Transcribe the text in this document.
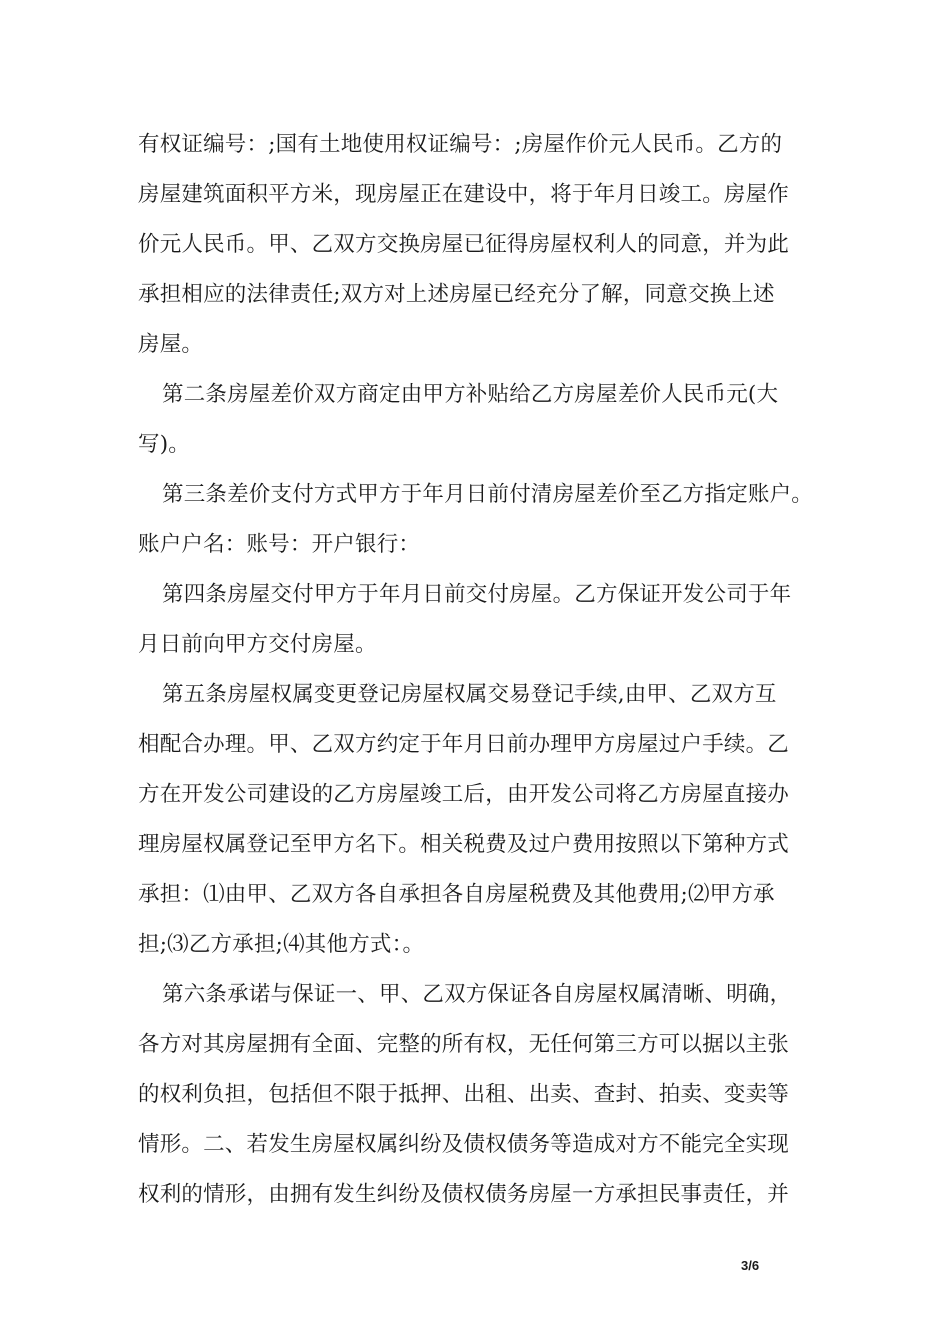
有权证编号：;国有土地使用权证编号：;房屋作价元人民币。乙方的
房屋建筑面积平方米，现房屋正在建设中，将于年月日竣工。房屋作
价元人民币。甲、乙双方交换房屋已征得房屋权利人的同意，并为此
承担相应的法律责任;双方对上述房屋已经充分了解，同意交换上述
房屋。
第二条房屋差价双方商定由甲方补贴给乙方房屋差价人民币元(大
写)。
第三条差价支付方式甲方于年月日前付清房屋差价至乙方指定账户。
账户户名：账号：开户银行：
第四条房屋交付甲方于年月日前交付房屋。乙方保证开发公司于年
月日前向甲方交付房屋。
第五条房屋权属变更登记房屋权属交易登记手续,由甲、乙双方互
相配合办理。甲、乙双方约定于年月日前办理甲方房屋过户手续。乙
方在开发公司建设的乙方房屋竣工后，由开发公司将乙方房屋直接办
理房屋权属登记至甲方名下。相关税费及过户费用按照以下第种方式
承担：⑴由甲、乙双方各自承担各自房屋税费及其他费用;⑵甲方承
担;⑶乙方承担;⑷其他方式：。
第六条承诺与保证一、甲、乙双方保证各自房屋权属清晰、明确，
各方对其房屋拥有全面、完整的所有权，无任何第三方可以据以主张
的权利负担，包括但不限于抵押、出租、出卖、查封、拍卖、变卖等
情形。二、若发生房屋权属纠纷及债权债务等造成对方不能完全实现
权利的情形，由拥有发生纠纷及债权债务房屋一方承担民事责任，并
3/6
